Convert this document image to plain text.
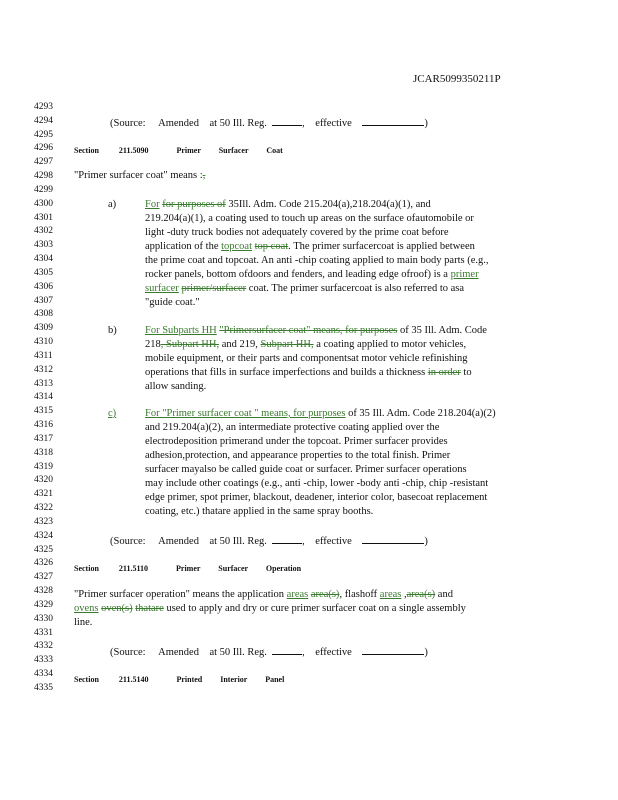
JCAR5099350211P
4293
4294
4295
4296
4297
4298
4299
4300
4301
4302
4303
4304
4305
4306
4307
4308
4309
4310
4311
4312
4313
4314
4315
4316
4317
4318
4319
4320
4321
4322
4323
4324
4325
4326
4327
4328
4329
4330
4331
4332
4333
4334
4335
(Source: Amended at 50 Ill. Reg.	,    effective	)
Section	211.5090	Primer Surfacer Coat
"Primer surfacer coat" means :,
a)	For for purposes of 35Ill. Adm. Code 215.204(a),218.204(a)(1), and
219.204(a)(1), a coating used to touch up areas on the surface ofautomobile or
light -duty truck bodies not adequately covered by the prime coat before
application of the topcoat top coat. The primer surfacercoat is applied between
the prime coat and topcoat. An anti -chip coating applied to main body parts (e.g.,
rocker panels, bottom ofdoors and fenders, and leading edge ofroof) is a primer
surfacer primer/surfacer coat. The primer surfacercoat is also referred to asa
"guide coat."
b)	For Subparts HH "Primersurfacer coat" means, for purposes of 35 Ill. Adm. Code
218, Subpart HH, and 219, Subpart HH, a coating applied to motor vehicles,
mobile equipment, or their parts and componentsat motor vehicle refinishing
operations that fills in surface imperfections and builds a thickness in order to
allow sanding.
c)	For "Primer surfacer coat " means, for purposes of 35 Ill. Adm. Code 218.204(a)(2)
and 219.204(a)(2), an intermediate protective coating applied over the
electrodeposition primerand under the topcoat. Primer surfacer provides
adhesion,protection, and appearance properties to the total finish. Primer
surfacer mayalso be called guide coat or surfacer. Primer surfacer operations
may include other coatings (e.g., anti -chip, lower -body anti -chip, chip -resistant
edge primer, spot primer, blackout, deadener, interior color, basecoat replacement
coating, etc.) thatare applied in the same spray booths.
(Source: Amended at 50 Ill. Reg.	,    effective	)
Section	211.5110	Primer Surfacer Operation
"Primer surfacer operation" means the application areas area(s), flashoff areas ,area(s) and
ovens oven(s) thatare used to apply and dry or cure primer surfacer coat on a single assembly
line.
(Source: Amended at 50 Ill. Reg.	,    effective	)
Section	211.5140	Printed Interior Panel
